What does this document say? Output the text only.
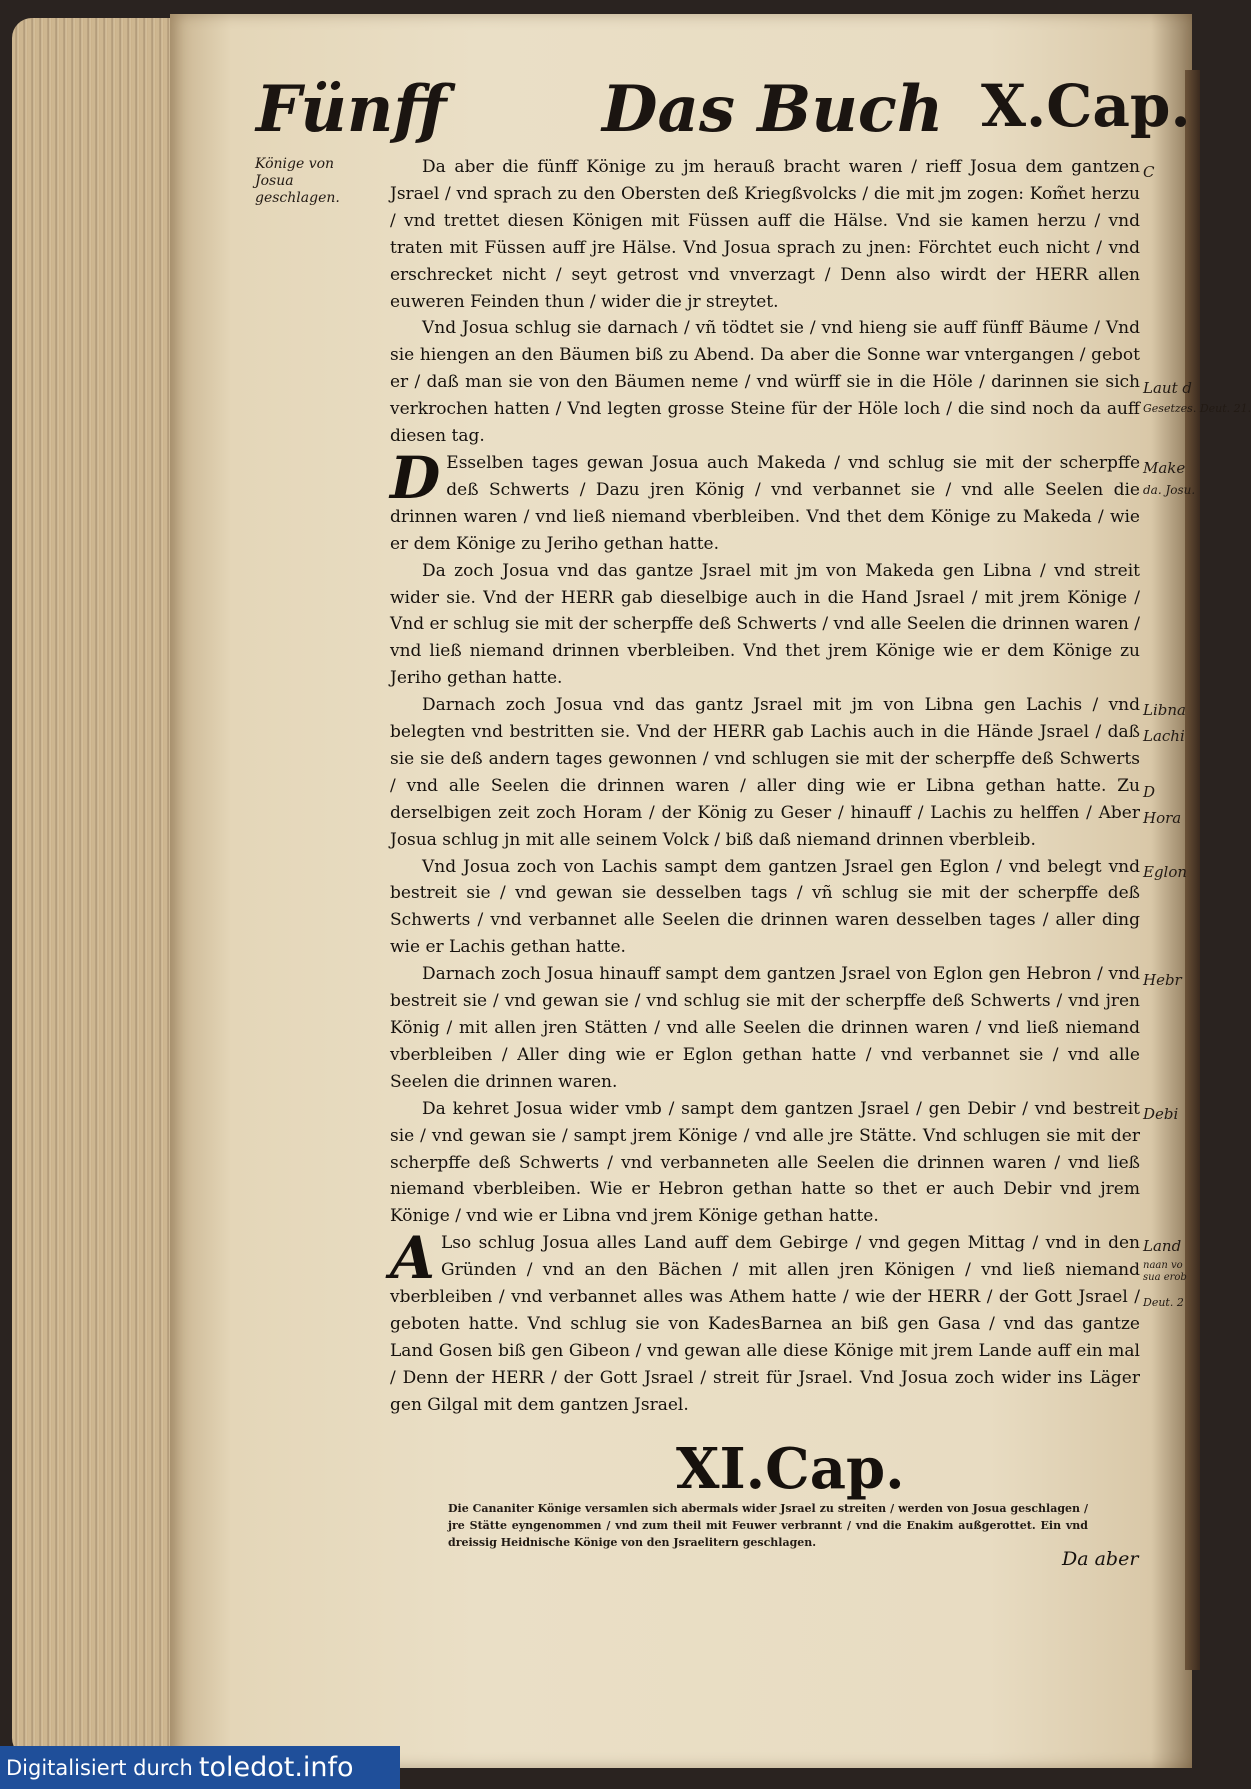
Fünff Das Buch X.Cap.
Könige von Josua geschlagen.
C
Laut d
Gesetzes. Deut. 21.
Make
da. Josu.
Libna
Lachi
D
Hora
Eglon
Hebr
Debi
Land
naan vo sua erob
Deut. 2

Da aber die fünff Könige zu jm herauß bracht waren / rieff Josua dem gantzen Jsrael / vnd sprach zu den Obersten deß Kriegßvolcks / die mit jm zogen: Kom̃et herzu / vnd trettet diesen Königen mit Füssen auff die Hälse. Vnd sie kamen herzu / vnd traten mit Füssen auff jre Hälse. Vnd Josua sprach zu jnen: Förchtet euch nicht / vnd erschrecket nicht / seyt getrost vnd vnverzagt / Denn also wirdt der HERR allen euweren Feinden thun / wider die jr streytet.

Vnd Josua schlug sie darnach / vñ tödtet sie / vnd hieng sie auff fünff Bäume / Vnd sie hiengen an den Bäumen biß zu Abend. Da aber die Sonne war vntergangen / gebot er / daß man sie von den Bäumen neme / vnd würff sie in die Höle / darinnen sie sich verkrochen hatten / Vnd legten grosse Steine für der Höle loch / die sind noch da auff diesen tag.

D Esselben tages gewan Josua auch Makeda / vnd schlug sie mit der scherpffe deß Schwerts / Dazu jren König / vnd verbannet sie / vnd alle Seelen die drinnen waren / vnd ließ niemand vberbleiben. Vnd thet dem Könige zu Makeda / wie er dem Könige zu Jeriho gethan hatte.

Da zoch Josua vnd das gantze Jsrael mit jm von Makeda gen Libna / vnd streit wider sie. Vnd der HERR gab dieselbige auch in die Hand Jsrael / mit jrem Könige / Vnd er schlug sie mit der scherpffe deß Schwerts / vnd alle Seelen die drinnen waren / vnd ließ niemand drinnen vberbleiben. Vnd thet jrem Könige wie er dem Könige zu Jeriho gethan hatte.

Darnach zoch Josua vnd das gantz Jsrael mit jm von Libna gen Lachis / vnd belegten vnd bestritten sie. Vnd der HERR gab Lachis auch in die Hände Jsrael / daß sie sie deß andern tages gewonnen / vnd schlugen sie mit der scherpffe deß Schwerts / vnd alle Seelen die drinnen waren / aller ding wie er Libna gethan hatte. Zu derselbigen zeit zoch Horam / der König zu Geser / hinauff / Lachis zu helffen / Aber Josua schlug jn mit alle seinem Volck / biß daß niemand drinnen vberbleib.

Vnd Josua zoch von Lachis sampt dem gantzen Jsrael gen Eglon / vnd belegt vnd bestreit sie / vnd gewan sie desselben tags / vñ schlug sie mit der scherpffe deß Schwerts / vnd verbannet alle Seelen die drinnen waren desselben tages / aller ding wie er Lachis gethan hatte.

Darnach zoch Josua hinauff sampt dem gantzen Jsrael von Eglon gen Hebron / vnd bestreit sie / vnd gewan sie / vnd schlug sie mit der scherpffe deß Schwerts / vnd jren König / mit allen jren Stätten / vnd alle Seelen die drinnen waren / vnd ließ niemand vberbleiben / Aller ding wie er Eglon gethan hatte / vnd verbannet sie / vnd alle Seelen die drinnen waren.

Da kehret Josua wider vmb / sampt dem gantzen Jsrael / gen Debir / vnd bestreit sie / vnd gewan sie / sampt jrem Könige / vnd alle jre Stätte. Vnd schlugen sie mit der scherpffe deß Schwerts / vnd verbanneten alle Seelen die drinnen waren / vnd ließ niemand vberbleiben. Wie er Hebron gethan hatte so thet er auch Debir vnd jrem Könige / vnd wie er Libna vnd jrem Könige gethan hatte.

A Lso schlug Josua alles Land auff dem Gebirge / vnd gegen Mittag / vnd in den Gründen / vnd an den Bächen / mit allen jren Königen / vnd ließ niemand vberbleiben / vnd verbannet alles was Athem hatte / wie der HERR / der Gott Jsrael / geboten hatte. Vnd schlug sie von KadesBarnea an biß gen Gasa / vnd das gantze Land Gosen biß gen Gibeon / vnd gewan alle diese Könige mit jrem Lande auff ein mal / Denn der HERR / der Gott Jsrael / streit für Jsrael. Vnd Josua zoch wider ins Läger gen Gilgal mit dem gantzen Jsrael.

XI.Cap.
Die Cananiter Könige versamlen sich abermals wider Jsrael zu streiten / werden von Josua geschlagen / jre Stätte eyngenommen / vnd zum theil mit Feuwer verbrannt / vnd die Enakim außgerottet. Ein vnd dreissig Heidnische Könige von den Jsraelitern geschlagen.
Da aber
Digitalisiert durch toledot.info
